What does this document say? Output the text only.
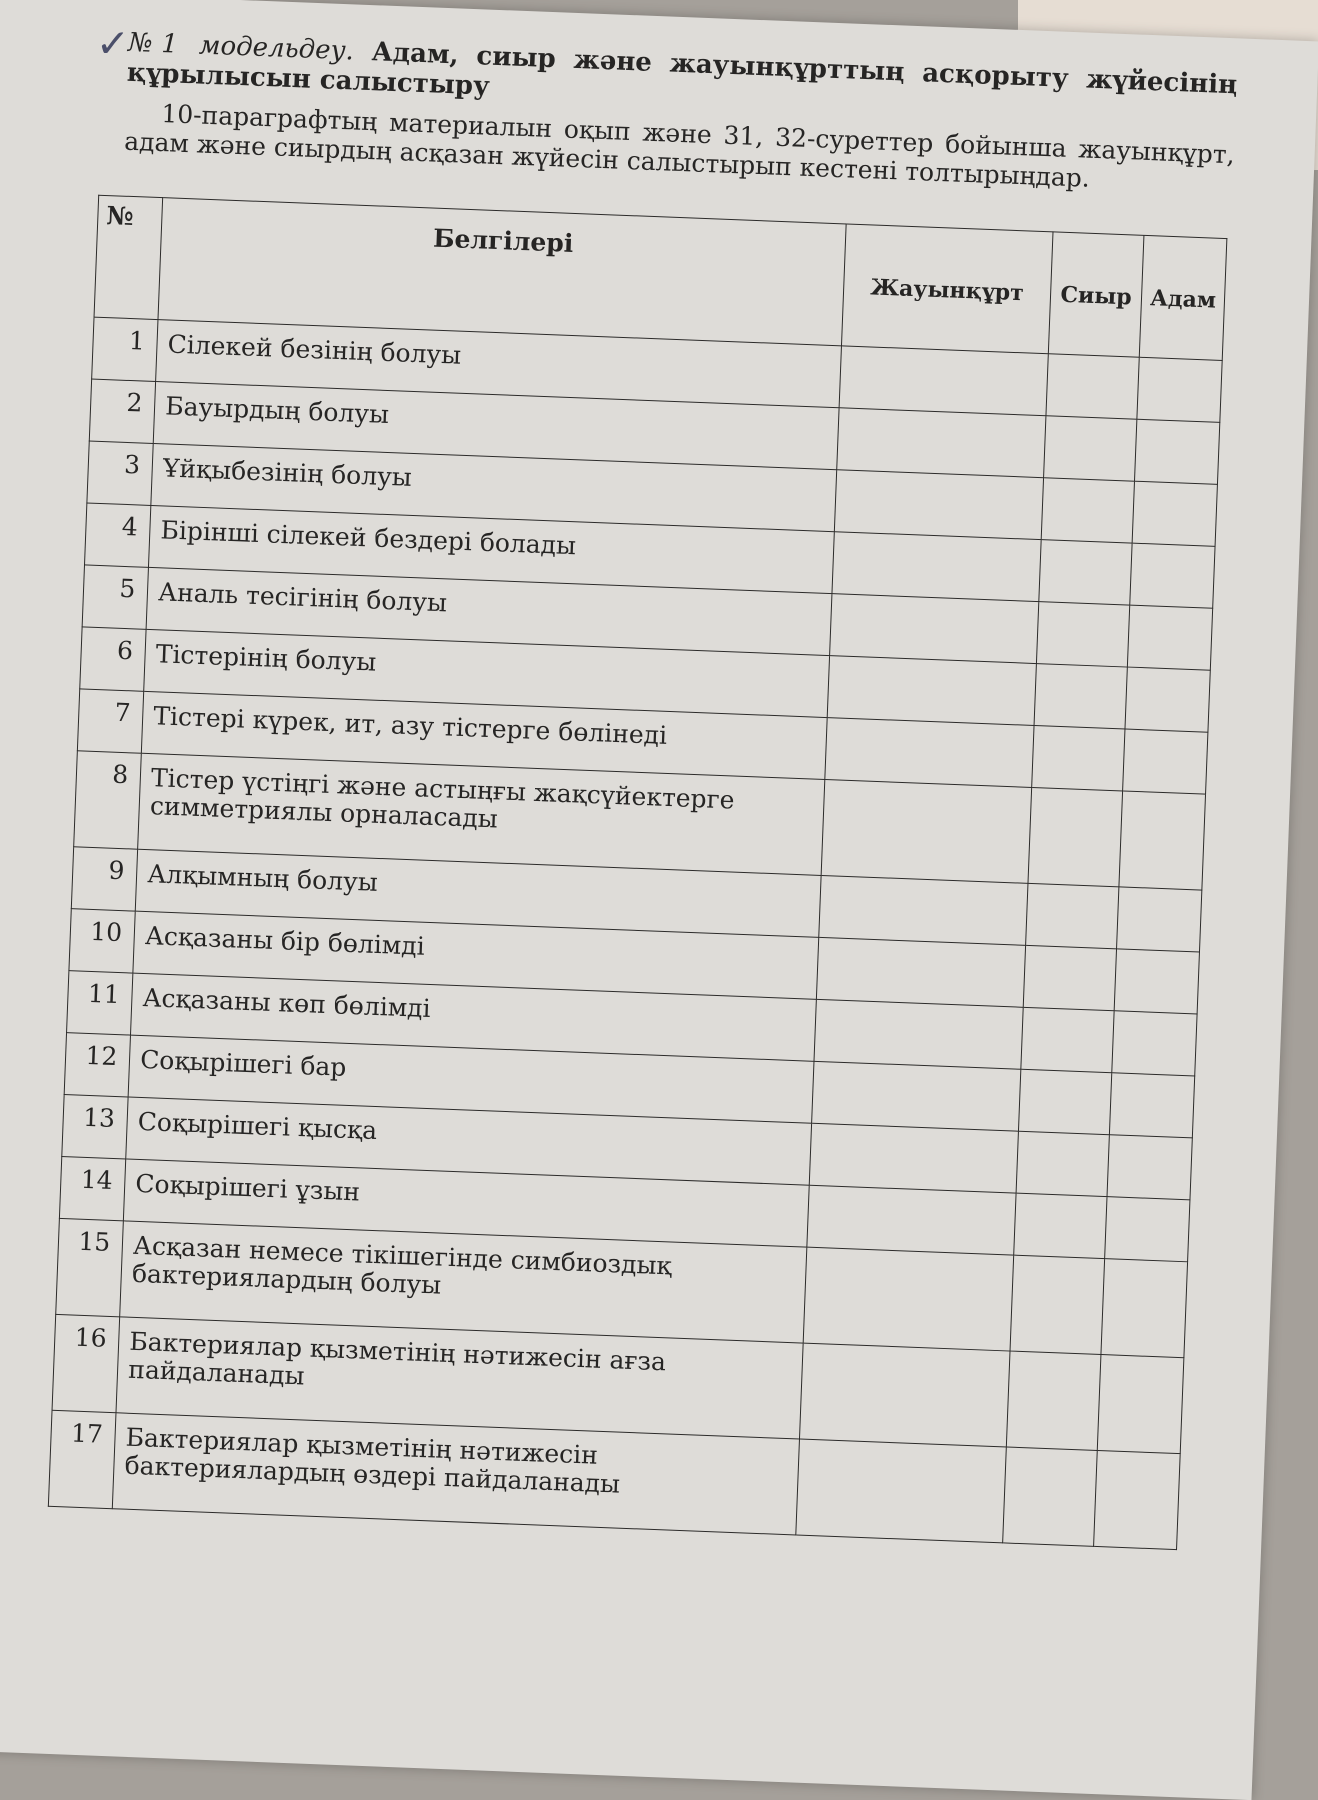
✓

№1 модельдеу. Адам, сиыр және жауынқұрттың асқорыту жүйесінің құрылысын салыстыру

10-параграфтың материалын оқып және 31, 32-суреттер бойынша жауынқұрт, адам және сиырдың асқазан жүйесін салыстырып кестені толтырыңдар.

№	Белгілері	Жауынқұрт	Сиыр	Адам
1	Сілекей безінің болуы			
2	Бауырдың болуы			
3	Ұйқыбезінің болуы			
4	Бірінші сілекей бездері болады			
5	Аналь тесігінің болуы			
6	Тістерінің болуы			
7	Тістері күрек, ит, азу тістерге бөлінеді			
8	Тістер үстіңгі және астыңғы жақсүйектерге симметриялы орналасады			
9	Алқымның болуы			
10	Асқазаны бір бөлімді			
11	Асқазаны көп бөлімді			
12	Соқырішегі бар			
13	Соқырішегі қысқа			
14	Соқырішегі ұзын			
15	Асқазан немесе тікішегінде симбиоздық бактериялардың болуы			
16	Бактериялар қызметінің нәтижесін ағза пайдаланады			
17	Бактериялар қызметінің нәтижесін бактериялардың өздері пайдаланады			
